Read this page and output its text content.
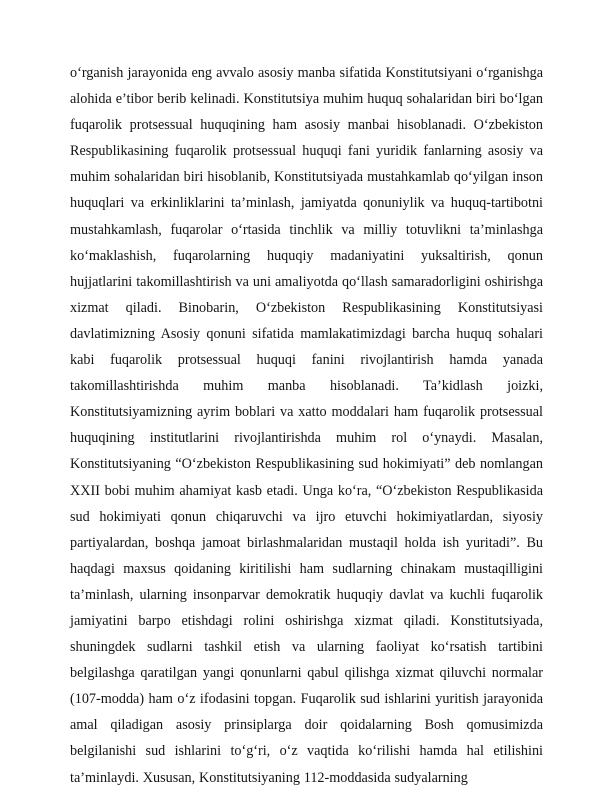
o‘rganish jarayonida eng avvalo asosiy manba sifatida Konstitutsiyani o‘rganishga alohida e’tibor berib kelinadi. Konstitutsiya muhim huquq sohalaridan biri bo‘lgan fuqarolik protsessual huquqining ham asosiy manbai hisoblanadi. O‘zbekiston Respublikasining fuqarolik protsessual huquqi fani yuridik fanlarning asosiy va muhim sohalaridan biri hisoblanib, Konstitutsiyada mustahkamlab qo‘yilgan inson huquqlari va erkinliklarini ta’minlash, jamiyatda qonuniylik va huquq-tartibotni mustahkamlash, fuqarolar o‘rtasida tinchlik va milliy totuvlikni ta’minlashga ko‘maklashish, fuqarolarning huquqiy madaniyatini yuksaltirish, qonun hujjatlarini takomillashtirish va uni amaliyotda qo‘llash samaradorligini oshirishga xizmat qiladi. Binobarin, O‘zbekiston Respublikasining Konstitutsiyasi davlatimizning Asosiy qonuni sifatida mamlakatimizdagi barcha huquq sohalari kabi fuqarolik protsessual huquqi fanini rivojlantirish hamda yanada takomillashtirishda muhim manba hisoblanadi. Ta’kidlash joizki, Konstitutsiyamizning ayrim boblari va xatto moddalari ham fuqarolik protsessual huquqining institutlarini rivojlantirishda muhim rol o‘ynaydi. Masalan, Konstitutsiyaning “O‘zbekiston Respublikasining sud hokimiyati” deb nomlangan XXII bobi muhim ahamiyat kasb etadi. Unga ko‘ra, “O‘zbekiston Respublikasida sud hokimiyati qonun chiqaruvchi va ijro etuvchi hokimiyatlardan, siyosiy partiyalardan, boshqa jamoat birlashmalaridan mustaqil holda ish yuritadi”. Bu haqdagi maxsus qoidaning kiritilishi ham sudlarning chinakam mustaqilligini ta’minlash, ularning insonparvar demokratik huquqiy davlat va kuchli fuqarolik jamiyatini barpo etishdagi rolini oshirishga xizmat qiladi. Konstitutsiyada, shuningdek sudlarni tashkil etish va ularning faoliyat ko‘rsatish tartibini belgilashga qaratilgan yangi qonunlarni qabul qilishga xizmat qiluvchi normalar (107-modda) ham o‘z ifodasini topgan. Fuqarolik sud ishlarini yuritish jarayonida amal qiladigan asosiy prinsiplarga doir qoidalarning Bosh qomusimizda belgilanishi sud ishlarini to‘g‘ri, o‘z vaqtida ko‘rilishi hamda hal etilishini ta’minlaydi. Xususan, Konstitutsiyaning 112-moddasida sudyalarning
